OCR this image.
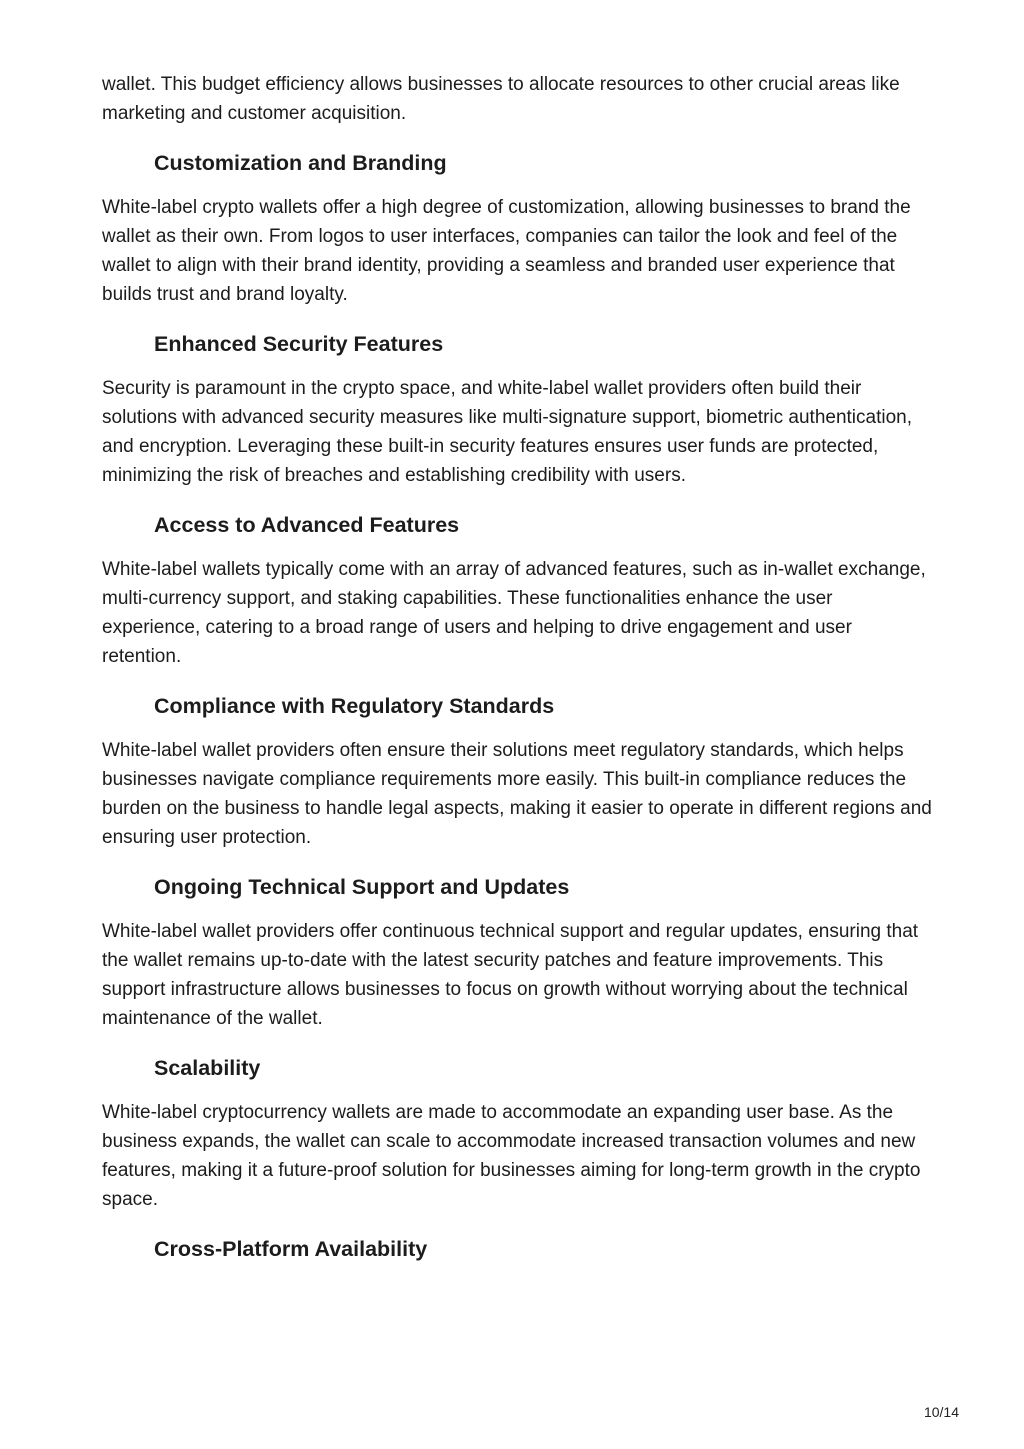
wallet. This budget efficiency allows businesses to allocate resources to other crucial areas like marketing and customer acquisition.

Customization and Branding

White-label crypto wallets offer a high degree of customization, allowing businesses to brand the wallet as their own. From logos to user interfaces, companies can tailor the look and feel of the wallet to align with their brand identity, providing a seamless and branded user experience that builds trust and brand loyalty.

Enhanced Security Features

Security is paramount in the crypto space, and white-label wallet providers often build their solutions with advanced security measures like multi-signature support, biometric authentication, and encryption. Leveraging these built-in security features ensures user funds are protected, minimizing the risk of breaches and establishing credibility with users.

Access to Advanced Features

White-label wallets typically come with an array of advanced features, such as in-wallet exchange, multi-currency support, and staking capabilities. These functionalities enhance the user experience, catering to a broad range of users and helping to drive engagement and user retention.

Compliance with Regulatory Standards

White-label wallet providers often ensure their solutions meet regulatory standards, which helps businesses navigate compliance requirements more easily. This built-in compliance reduces the burden on the business to handle legal aspects, making it easier to operate in different regions and ensuring user protection.

Ongoing Technical Support and Updates

White-label wallet providers offer continuous technical support and regular updates, ensuring that the wallet remains up-to-date with the latest security patches and feature improvements. This support infrastructure allows businesses to focus on growth without worrying about the technical maintenance of the wallet.

Scalability

White-label cryptocurrency wallets are made to accommodate an expanding user base. As the business expands, the wallet can scale to accommodate increased transaction volumes and new features, making it a future-proof solution for businesses aiming for long-term growth in the crypto space.

Cross-Platform Availability
10/14
